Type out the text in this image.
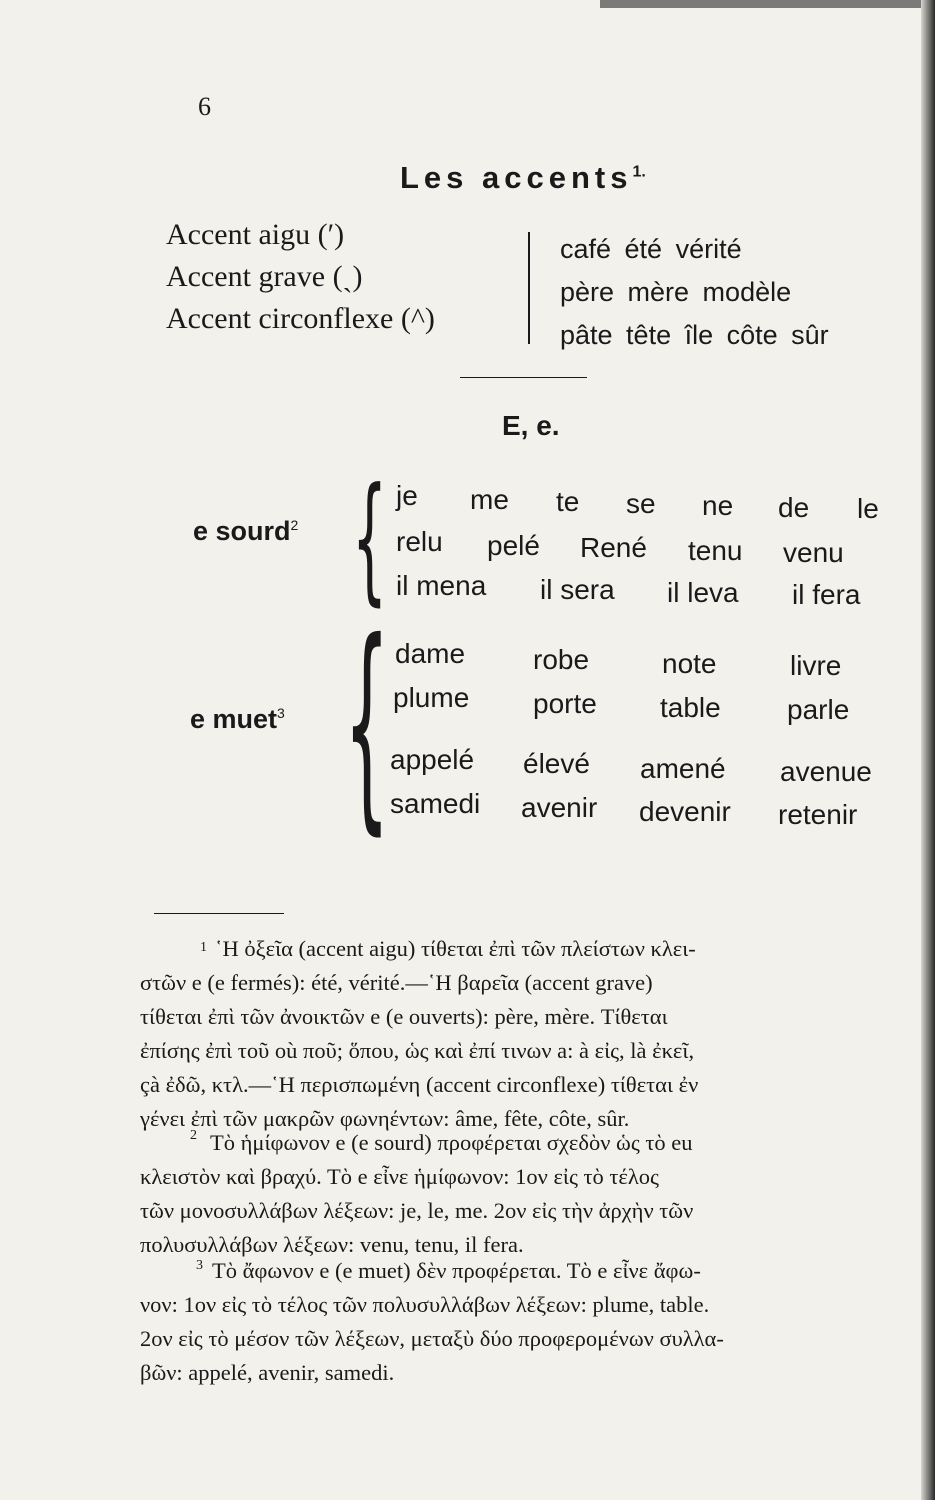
6
Les accents$^{1.}$
Accent aigu (′)
Accent grave (ˎ)
Accent circonflexe (^)
café été vérité
père mère modèle
pâte tête île côte sûr
E, e.
e sourd$^2$ { je me te se ne de le
relu pelé René tenu venu
il mena il sera il leva il fera
e muet$^3$ { dame robe	note	livre
plume porte table parle
appelé élevé amené avenue
samedi avenir devenir retenir
1 ῾Η ὀξεῖα (accent aigu) τίθεται ἐπὶ τῶν πλείστων κλει-
στῶν e (e fermés): été, vérité.—῾Η βαρεῖα (accent grave)
τίθεται ἐπὶ τῶν ἀνοικτῶν e (e ouverts): père, mère. Τίθεται
ἐπίσης ἐπὶ τοῦ où ποῦ; ὅπου, ὡς καὶ ἐπί τινων a: à εἰς, là ἐκεῖ,
çà ἐδῶ, κτλ.—῾Η περισπωμένη (accent circonflexe) τίθεται ἐν
γένει ἐπὶ τῶν μακρῶν φωνηέντων: âme, fête, côte, sûr.
2 Τὸ ἡμίφωνον e (e sourd) προφέρεται σχεδὸν ὡς τὸ eu
κλειστὸν καὶ βραχύ. Τὸ e εἶνε ἡμίφωνον: 1ον εἰς τὸ τέλος
τῶν μονοσυλλάβων λέξεων: je, le, me. 2ον εἰς τὴν ἀρχὴν τῶν
πολυσυλλάβων λέξεων: venu, tenu, il fera.
3 Τὸ ἄφωνον e (e muet) δὲν προφέρεται. Τὸ e εἶνε ἄφω-
νον: 1ον εἰς τὸ τέλος τῶν πολυσυλλάβων λέξεων: plume, table.
2ον εἰς τὸ μέσον τῶν λέξεων, μεταξὺ δύο προφερομένων συλλα-
βῶν: appelé, avenir, samedi.
